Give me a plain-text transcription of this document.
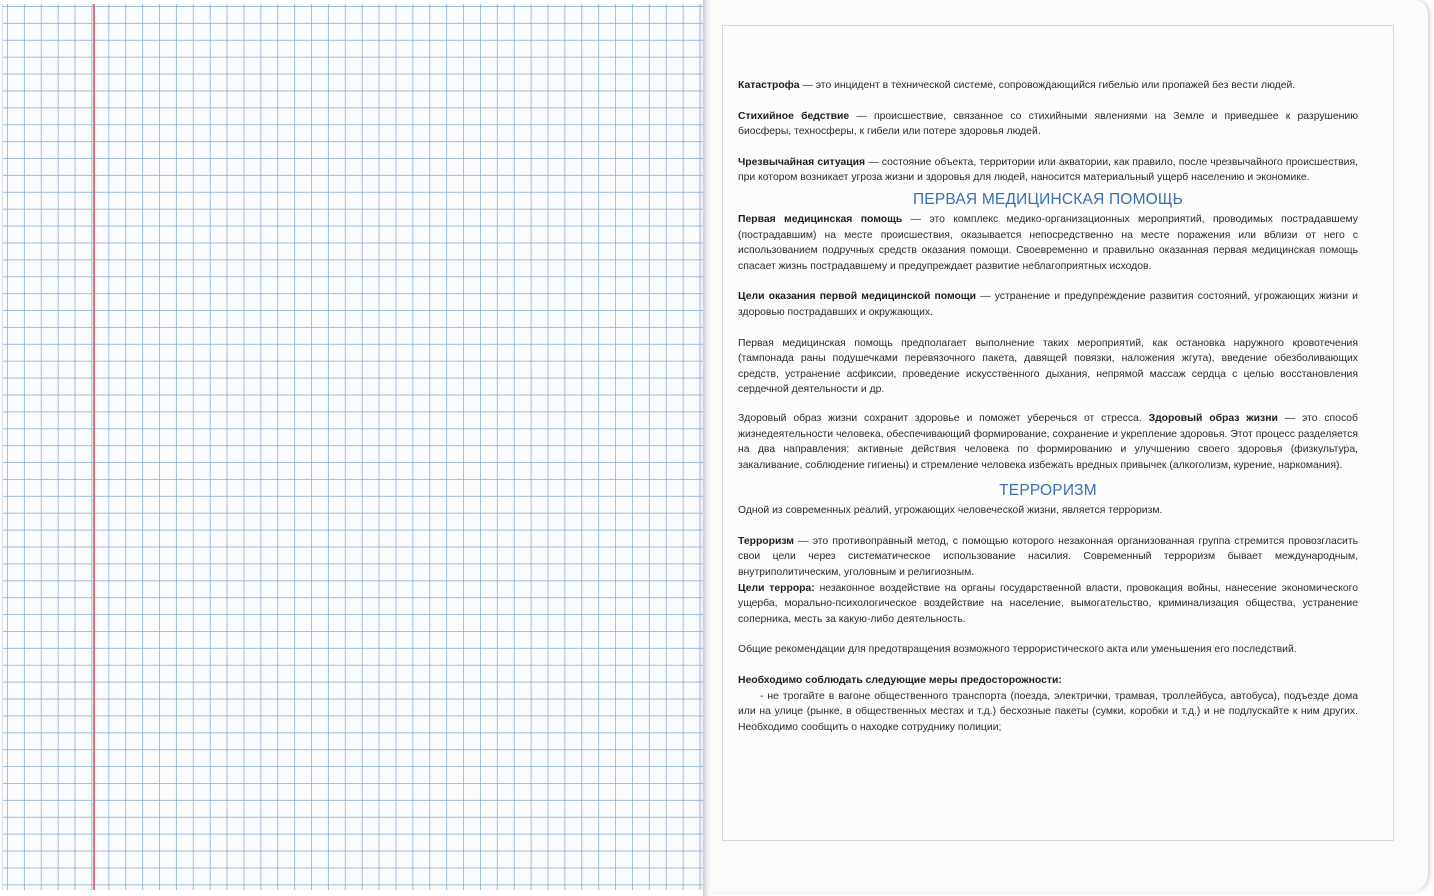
Катастрофа — это инцидент в технической системе, сопровождающийся гибелью или пропажей без вести людей.

Стихийное бедствие — происшествие, связанное со стихийными явлениями на Земле и приведшее к разрушению биосферы, техносферы, к гибели или потере здоровья людей.

Чрезвычайная ситуация — состояние объекта, территории или акватории, как правило, после чрезвычайного происшествия, при котором возникает угроза жизни и здоровья для людей, наносится материальный ущерб населению и экономике.

ПЕРВАЯ МЕДИЦИНСКАЯ ПОМОЩЬ

Первая медицинская помощь — это комплекс медико-организационных мероприятий, проводимых пострадавшему (пострадавшим) на месте происшествия, оказывается непосредственно на месте поражения или вблизи от него с использованием подручных средств оказания помощи. Своевременно и правильно оказанная первая медицинская помощь спасает жизнь пострадавшему и предупреждает развитие неблагоприятных исходов.

Цели оказания первой медицинской помощи — устранение и предупреждение развития состояний, угрожающих жизни и здоровью пострадавших и окружающих.

Первая медицинская помощь предполагает выполнение таких мероприятий, как остановка наружного кровотечения (тампонада раны подушечками перевязочного пакета, давящей повязки, наложения жгута), введение обезболивающих средств, устранение асфиксии, проведение искусственного дыхания, непрямой массаж сердца с целью восстановления сердечной деятельности и др.

Здоровый образ жизни сохранит здоровье и поможет уберечься от стресса. Здоровый образ жизни — это способ жизнедеятельности человека, обеспечивающий формирование, сохранение и укрепление здоровья. Этот процесс разделяется на два направления: активные действия человека по формированию и улучшению своего здоровья (физкультура, закаливание, соблюдение гигиены) и стремление человека избежать вредных привычек (алкоголизм, курение, наркомания).

ТЕРРОРИЗМ

Одной из современных реалий, угрожающих человеческой жизни, является терроризм.

Терроризм — это противоправный метод, с помощью которого незаконная организованная группа стремится провозгласить свои цели через систематическое использование насилия. Современный терроризм бывает международным, внутриполитическим, уголовным и религиозным.

Цели террора: незаконное воздействие на органы государственной власти, провокация войны, нанесение экономического ущерба, морально-психологическое воздействие на население, вымогательство, криминализация общества, устранение соперника, месть за какую-либо деятельность.

Общие рекомендации для предотвращения возможного террористического акта или уменьшения его последствий.

Необходимо соблюдать следующие меры предосторожности:

- не трогайте в вагоне общественного транспорта (поезда, электрички, трамвая, троллейбуса, автобуса), подъезде дома или на улице (рынке, в общественных местах и т.д.) бесхозные пакеты (сумки, коробки и т.д.) и не подлускайте к ним других. Необходимо сообщить о находке сотруднику полиции;
